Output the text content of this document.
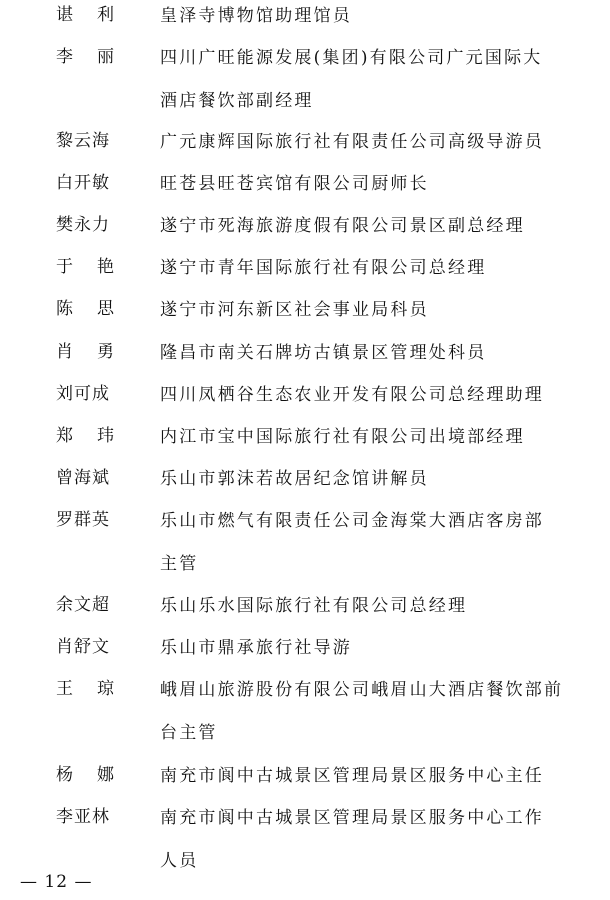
谌 利	皇泽寺博物馆助理馆员
李 丽	四川广旺能源发展(集团)有限公司广元国际大
酒店餐饮部副经理
黎云海	广元康辉国际旅行社有限责任公司高级导游员
白开敏	旺苍县旺苍宾馆有限公司厨师长
樊永力	遂宁市死海旅游度假有限公司景区副总经理
于 艳	遂宁市青年国际旅行社有限公司总经理
陈 思	遂宁市河东新区社会事业局科员
肖 勇	隆昌市南关石牌坊古镇景区管理处科员
刘可成	四川凤栖谷生态农业开发有限公司总经理助理
郑 玮	内江市宝中国际旅行社有限公司出境部经理
曾海斌	乐山市郭沫若故居纪念馆讲解员
罗群英	乐山市燃气有限责任公司金海棠大酒店客房部
主管
余文超	乐山乐水国际旅行社有限公司总经理
肖舒文	乐山市鼎承旅行社导游
王 琼	峨眉山旅游股份有限公司峨眉山大酒店餐饮部前
台主管
杨 娜	南充市阆中古城景区管理局景区服务中心主任
李亚林	南充市阆中古城景区管理局景区服务中心工作
人员
— 12 —
